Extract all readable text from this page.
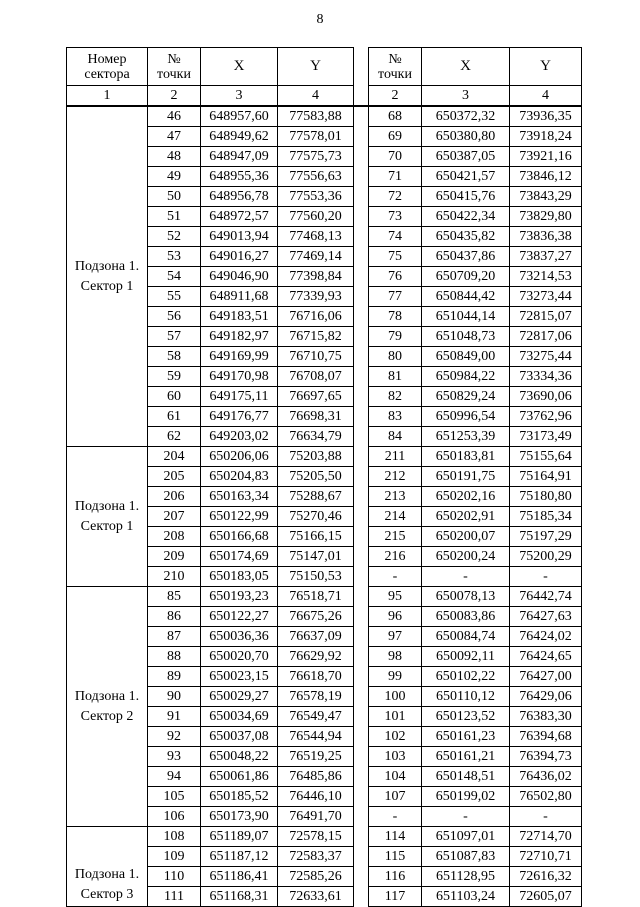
8
Номер
сектора	№
точки	X	Y		№
точки	X	Y
1	2	3	4		2	3	4
Подзона 1.
Сектор 1	46	648957,60	77583,88		68	650372,32	73936,35
	47	648949,62	77578,01		69	650380,80	73918,24
	48	648947,09	77575,73		70	650387,05	73921,16
	49	648955,36	77556,63		71	650421,57	73846,12
	50	648956,78	77553,36		72	650415,76	73843,29
	51	648972,57	77560,20		73	650422,34	73829,80
	52	649013,94	77468,13		74	650435,82	73836,38
	53	649016,27	77469,14		75	650437,86	73837,27
	54	649046,90	77398,84		76	650709,20	73214,53
	55	648911,68	77339,93		77	650844,42	73273,44
	56	649183,51	76716,06		78	651044,14	72815,07
	57	649182,97	76715,82		79	651048,73	72817,06
	58	649169,99	76710,75		80	650849,00	73275,44
	59	649170,98	76708,07		81	650984,22	73334,36
	60	649175,11	76697,65		82	650829,24	73690,06
	61	649176,77	76698,31		83	650996,54	73762,96
	62	649203,02	76634,79		84	651253,39	73173,49
Подзона 1.
Сектор 1	204	650206,06	75203,88		211	650183,81	75155,64
	205	650204,83	75205,50		212	650191,75	75164,91
	206	650163,34	75288,67		213	650202,16	75180,80
	207	650122,99	75270,46		214	650202,91	75185,34
	208	650166,68	75166,15		215	650200,07	75197,29
	209	650174,69	75147,01		216	650200,24	75200,29
	210	650183,05	75150,53		-	-	-
Подзона 1.
Сектор 2	85	650193,23	76518,71		95	650078,13	76442,74
	86	650122,27	76675,26		96	650083,86	76427,63
	87	650036,36	76637,09		97	650084,74	76424,02
	88	650020,70	76629,92		98	650092,11	76424,65
	89	650023,15	76618,70		99	650102,22	76427,00
	90	650029,27	76578,19		100	650110,12	76429,06
	91	650034,69	76549,47		101	650123,52	76383,30
	92	650037,08	76544,94		102	650161,23	76394,68
	93	650048,22	76519,25		103	650161,21	76394,73
	94	650061,86	76485,86		104	650148,51	76436,02
	105	650185,52	76446,10		107	650199,02	76502,80
	106	650173,90	76491,70		-	-	-
Подзона 1.
Сектор 3	108	651189,07	72578,15		114	651097,01	72714,70
	109	651187,12	72583,37		115	651087,83	72710,71
	110	651186,41	72585,26		116	651128,95	72616,32
	111	651168,31	72633,61		117	651103,24	72605,07
